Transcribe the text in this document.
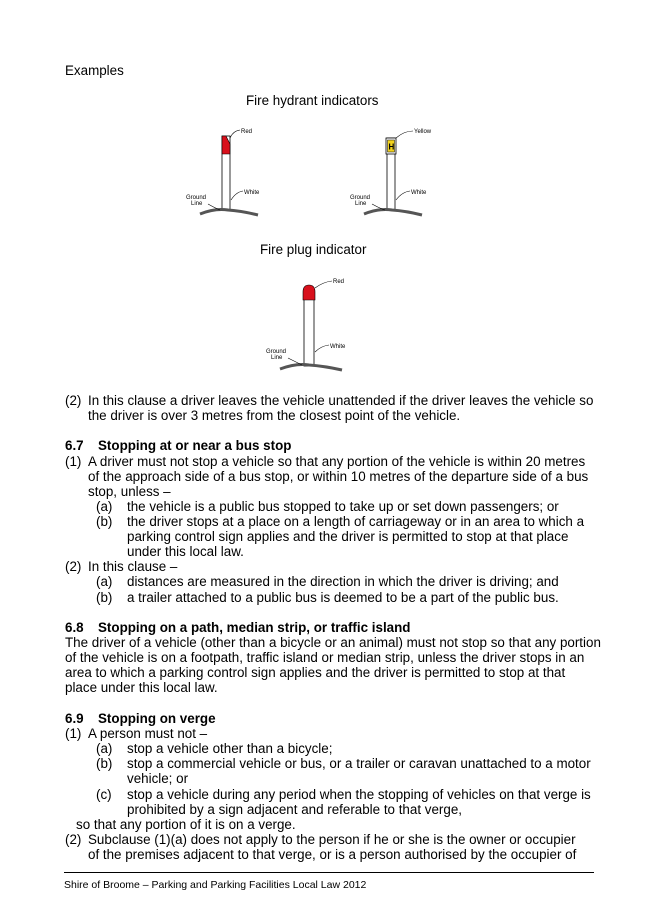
Examples
Fire hydrant indicators
Red
White
Ground
Line
H
Yellow
White
Ground
Line
Fire plug indicator
Red
White
Ground
Line
(2) In this clause a driver leaves the vehicle unattended if the driver leaves the vehicle so
the driver is over 3 metres from the closest point of the vehicle.
6.7 Stopping at or near a bus stop
(1) A driver must not stop a vehicle so that any portion of the vehicle is within 20 metres
of the approach side of a bus stop, or within 10 metres of the departure side of a bus
stop, unless –
(a) the vehicle is a public bus stopped to take up or set down passengers; or
(b) the driver stops at a place on a length of carriageway or in an area to which a
parking control sign applies and the driver is permitted to stop at that place
under this local law.
(2) In this clause –
(a) distances are measured in the direction in which the driver is driving; and
(b) a trailer attached to a public bus is deemed to be a part of the public bus.
6.8 Stopping on a path, median strip, or traffic island
The driver of a vehicle (other than a bicycle or an animal) must not stop so that any portion
of the vehicle is on a footpath, traffic island or median strip, unless the driver stops in an
area to which a parking control sign applies and the driver is permitted to stop at that
place under this local law.
6.9 Stopping on verge
(1) A person must not –
(a) stop a vehicle other than a bicycle;
(b) stop a commercial vehicle or bus, or a trailer or caravan unattached to a motor
vehicle; or
(c) stop a vehicle during any period when the stopping of vehicles on that verge is
prohibited by a sign adjacent and referable to that verge,
so that any portion of it is on a verge.
(2) Subclause (1)(a) does not apply to the person if he or she is the owner or occupier
of the premises adjacent to that verge, or is a person authorised by the occupier of
Shire of Broome – Parking and Parking Facilities Local Law 2012
